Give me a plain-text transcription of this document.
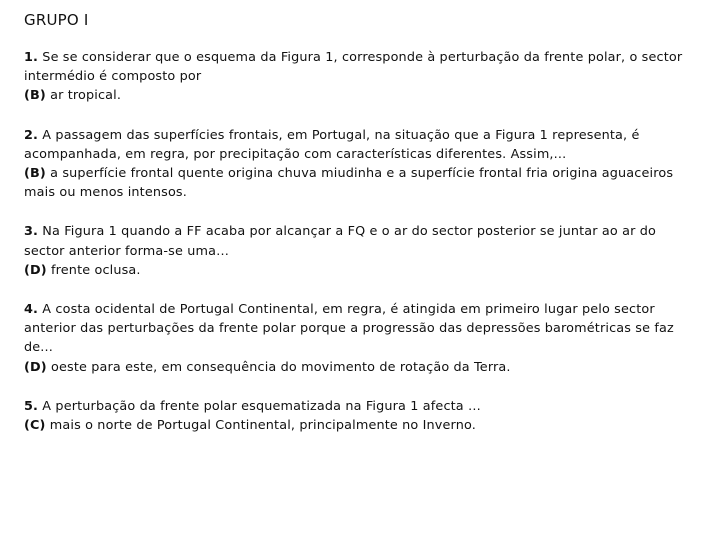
GRUPO I

1. Se se considerar que o esquema da Figura 1, corresponde à perturbação da frente polar, o sector intermédio é composto por

(B) ar tropical.

2. A passagem das superfícies frontais, em Portugal, na situação que a Figura 1 representa, é acompanhada, em regra, por precipitação com características diferentes. Assim,...

(B) a superfície frontal quente origina chuva miudinha e a superfície frontal fria origina aguaceiros mais ou menos intensos.

3. Na Figura 1 quando a FF acaba por alcançar a FQ e o ar do sector posterior se juntar ao ar do sector anterior forma-se uma…

(D) frente oclusa.

4. A costa ocidental de Portugal Continental, em regra, é atingida em primeiro lugar pelo sector anterior das perturbações da frente polar porque a progressão das depressões barométricas se faz de...

(D) oeste para este, em consequência do movimento de rotação da Terra.

5. A perturbação da frente polar esquematizada na Figura 1 afecta …

(C) mais o norte de Portugal Continental, principalmente no Inverno.
